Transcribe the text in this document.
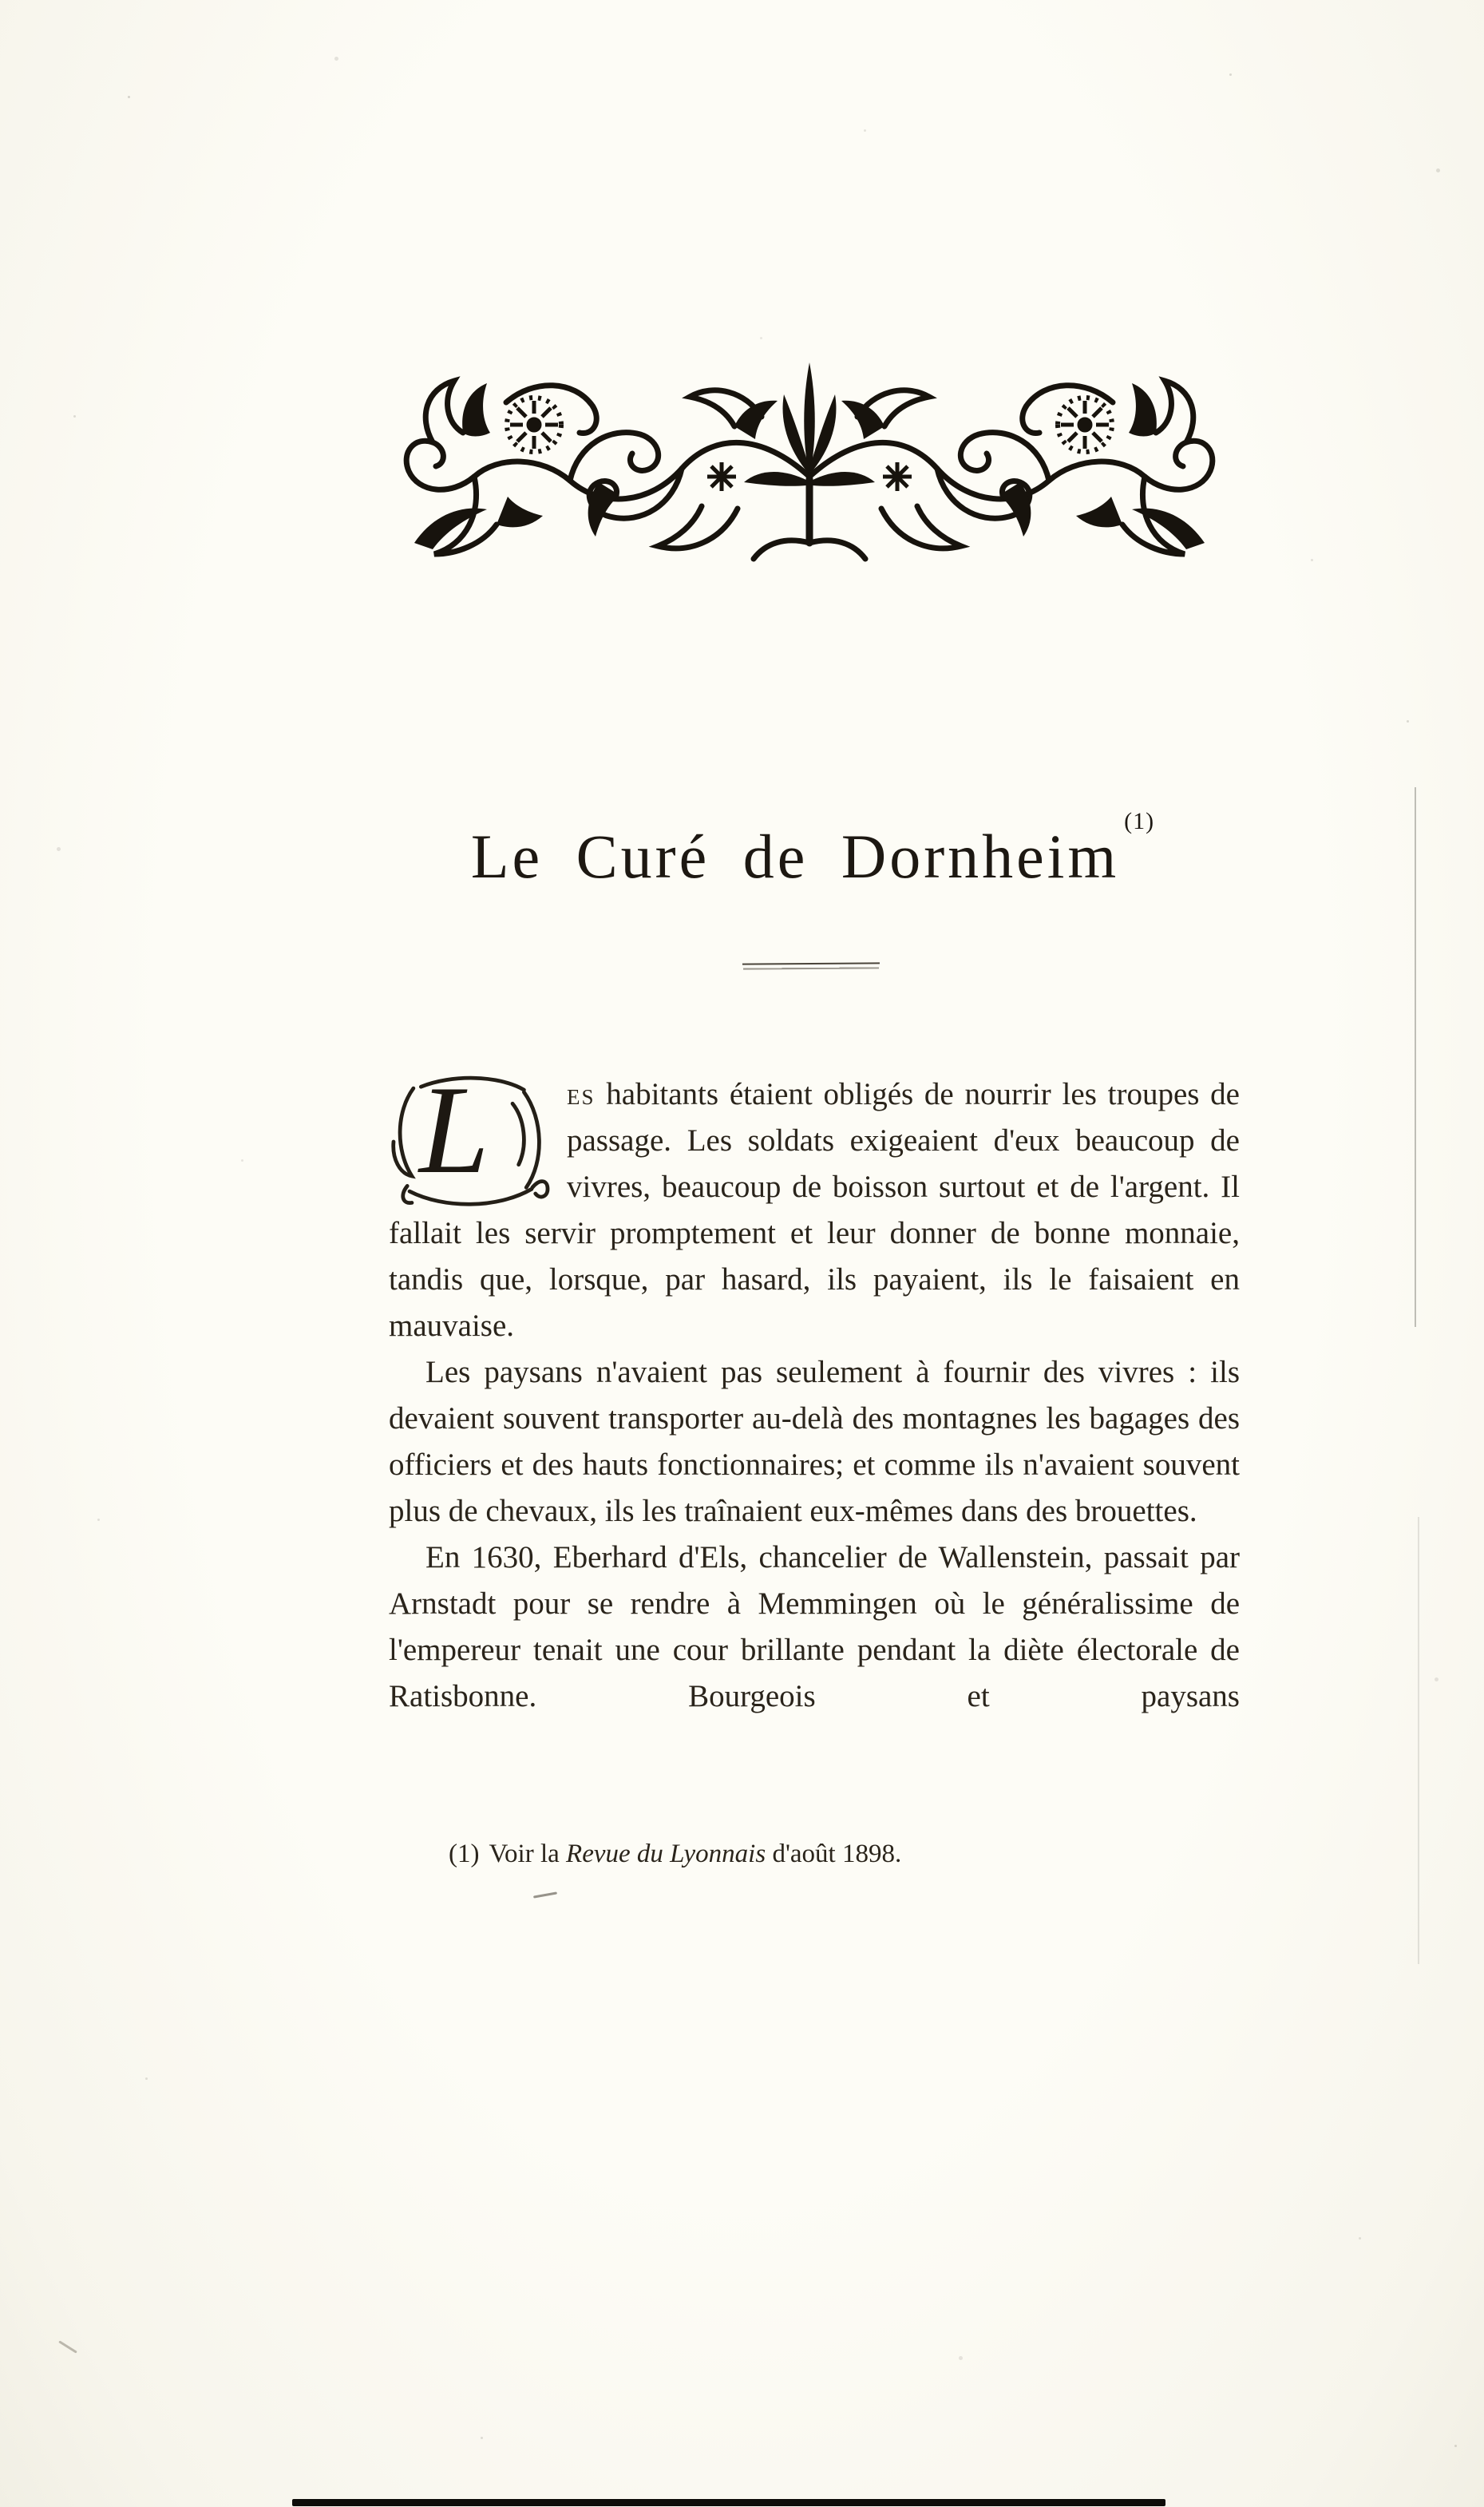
Le Curé de Dornheim$^{(1)}$

L es habitants étaient obligés de nourrir les troupes de passage. Les soldats exigeaient d'eux beaucoup de vivres, beaucoup de boisson surtout et de l'argent. Il fallait les servir promptement et leur donner de bonne monnaie, tandis que, lorsque, par hasard, ils payaient, ils le faisaient en mauvaise.

Les paysans n'avaient pas seulement à fournir des vivres : ils devaient souvent transporter au-delà des montagnes les bagages des officiers et des hauts fonctionnaires; et comme ils n'avaient souvent plus de chevaux, ils les traînaient eux-mêmes dans des brouettes.

En 1630, Eberhard d'Els, chancelier de Wallenstein, passait par Arnstadt pour se rendre à Memmingen où le généralissime de l'empereur tenait une cour brillante pendant la diète électorale de Ratisbonne. Bourgeois et paysans

(1) Voir la Revue du Lyonnais d'août 1898.
